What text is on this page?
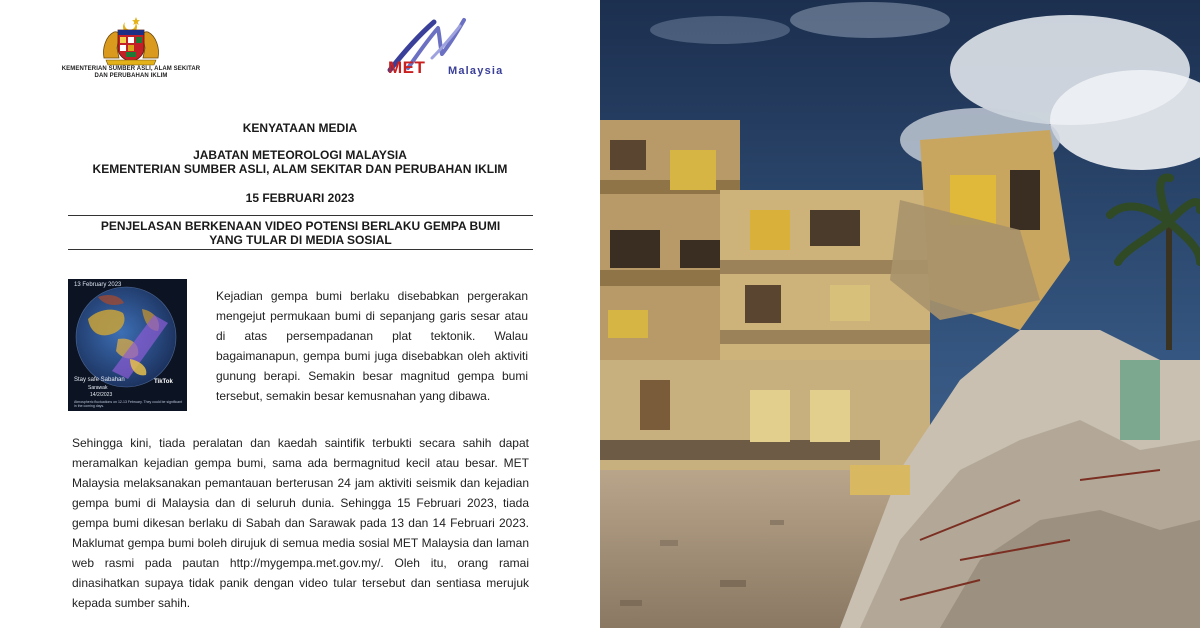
KEMENTERIAN SUMBER ASLI, ALAM SEKITAR
DAN PERUBAHAN IKLIM	MET Malaysia
KENYATAAN MEDIA
JABATAN METEOROLOGI MALAYSIA
KEMENTERIAN SUMBER ASLI, ALAM SEKITAR DAN PERUBAHAN IKLIM
15 FEBRUARI 2023
PENJELASAN BERKENAAN VIDEO POTENSI BERLAKU GEMPA BUMI
YANG TULAR DI MEDIA SOSIAL
13 February 2023
Stay safe Sabahan
Sarawak
14/2/2023
TikTok
Atmospheric fluctuations on 12-13 February. They could be significant in the coming days.

Kejadian gempa bumi berlaku disebabkan pergerakan mengejut permukaan bumi di sepanjang garis sesar atau di atas persempadanan plat tektonik. Walau bagaimanapun, gempa bumi juga disebabkan oleh aktiviti gunung berapi. Semakin besar magnitud gempa bumi tersebut, semakin besar kemusnahan yang dibawa.

Sehingga kini, tiada peralatan dan kaedah saintifik terbukti secara sahih dapat meramalkan kejadian gempa bumi, sama ada bermagnitud kecil atau besar. MET Malaysia melaksanakan pemantauan berterusan 24 jam aktiviti seismik dan kejadian gempa bumi di Malaysia dan di seluruh dunia. Sehingga 15 Februari 2023, tiada gempa bumi dikesan berlaku di Sabah dan Sarawak pada 13 dan 14 Februari 2023. Maklumat gempa bumi boleh dirujuk di semua media sosial MET Malaysia dan laman web rasmi pada pautan http://mygempa.met.gov.my/. Oleh itu, orang ramai dinasihatkan supaya tidak panik dengan video tular tersebut dan sentiasa merujuk kepada sumber sahih.
